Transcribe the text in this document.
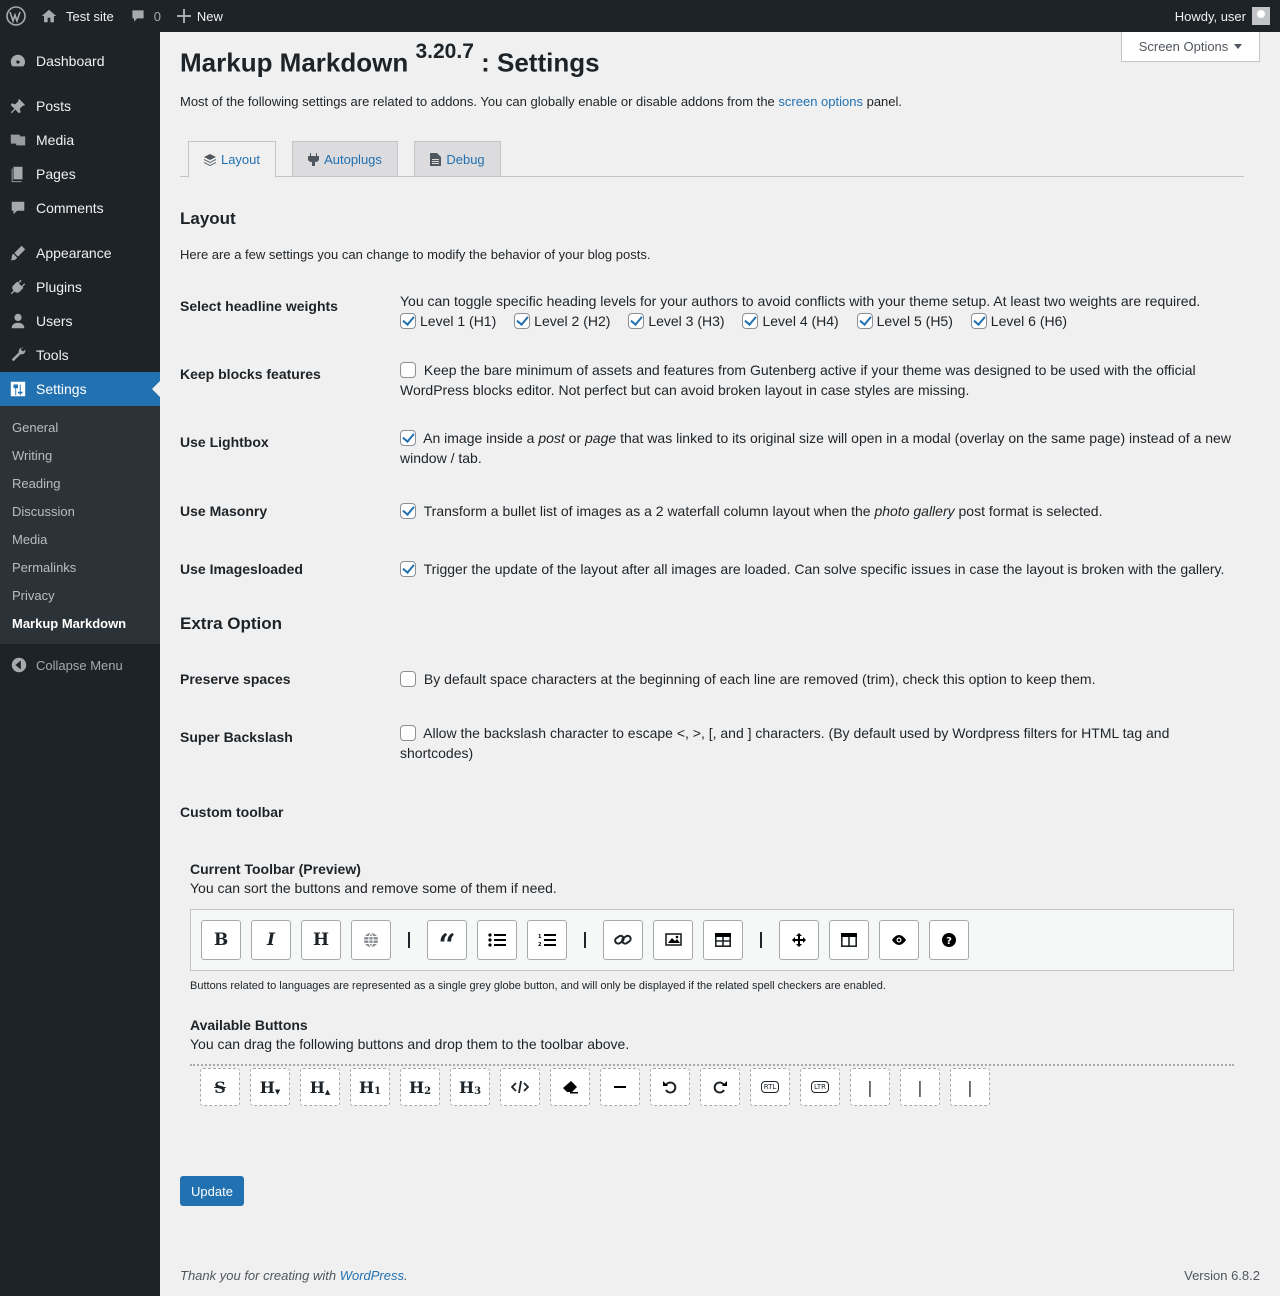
Test site	0	New	Howdy, user
Dashboard
Posts
Media
Pages
Comments
Appearance
Plugins
Users
Tools
Settings
General
Writing
Reading
Discussion
Media
Permalinks
Privacy
Markup Markdown
Collapse Menu
Screen Options
Markup Markdown $^{3.20.7}$ : Settings
Most of the following settings are related to addons. You can globally enable or disable addons from the screen options panel.
Layout	Autoplugs	Debug
Layout
Here are a few settings you can change to modify the behavior of your blog posts.
Select headline weights	You can toggle specific heading levels for your authors to avoid conflicts with your theme setup. At least two weights are required.
Level 1 (H1)	Level 2 (H2)	Level 3 (H3)	Level 4 (H4)	Level 5 (H5)	Level 6 (H6)
Keep blocks features	Keep the bare minimum of assets and features from Gutenberg active if your theme was designed to be used with the official WordPress blocks editor. Not perfect but can avoid broken layout in case styles are missing.
Use Lightbox	An image inside a post or page that was linked to its original size will open in a modal (overlay on the same page) instead of a new window / tab.
Use Masonry	Transform a bullet list of images as a 2 waterfall column layout when the photo gallery post format is selected.
Use Imagesloaded	Trigger the update of the layout after all images are loaded. Can solve specific issues in case the layout is broken with the gallery.
Extra Option
Preserve spaces	By default space characters at the beginning of each line are removed (trim), check this option to keep them.
Super Backslash	Allow the backslash character to escape <, >, [, and ] characters. (By default used by Wordpress filters for HTML tag and shortcodes)
Custom toolbar
Current Toolbar (Preview)
You can sort the buttons and remove some of them if need.
B I H	“	1
2	?
Buttons related to languages are represented as a single grey globe button, and will only be displayed if the related spell checkers are enabled.
Available Buttons
You can drag the following buttons and drop them to the toolbar above.
S	H ▼	H ▲	H 1	H 2	H 3	RTL	LTR	|	|	|
Update
Thank you for creating with WordPress.	Version 6.8.2
